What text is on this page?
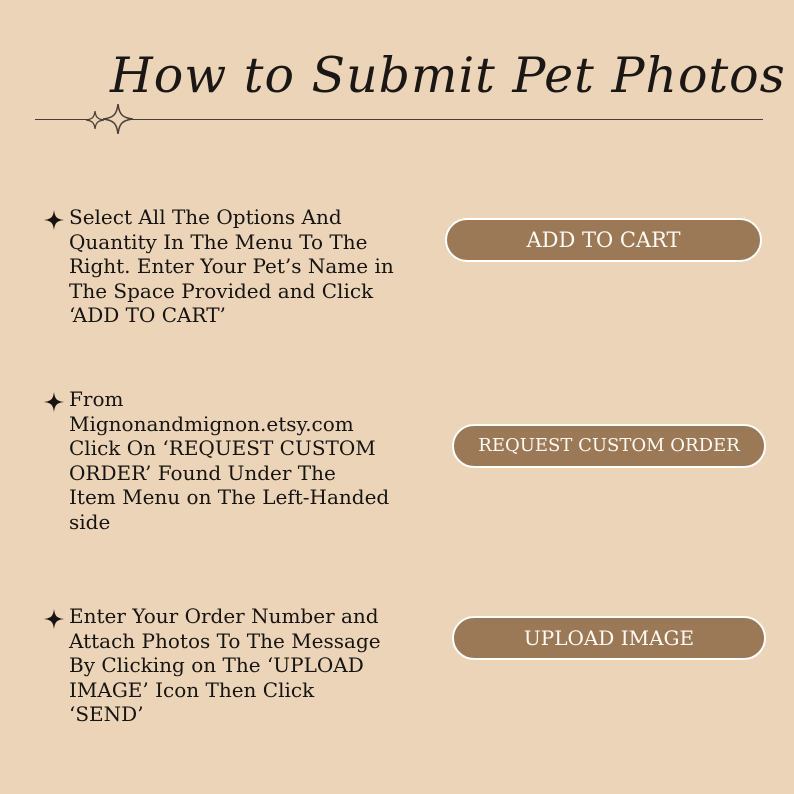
How to Submit Pet Photos
Select All The Options And
Quantity In The Menu To The
Right. Enter Your Pet’s Name in
The Space Provided and Click
‘ADD TO CART’
From
Mignonandmignon.etsy.com
Click On ‘REQUEST CUSTOM
ORDER’ Found Under The
Item Menu on The Left-Handed
side
Enter Your Order Number and
Attach Photos To The Message
By Clicking on The ‘UPLOAD
IMAGE’ Icon Then Click
‘SEND’
ADD TO CART
REQUEST CUSTOM ORDER
UPLOAD IMAGE
